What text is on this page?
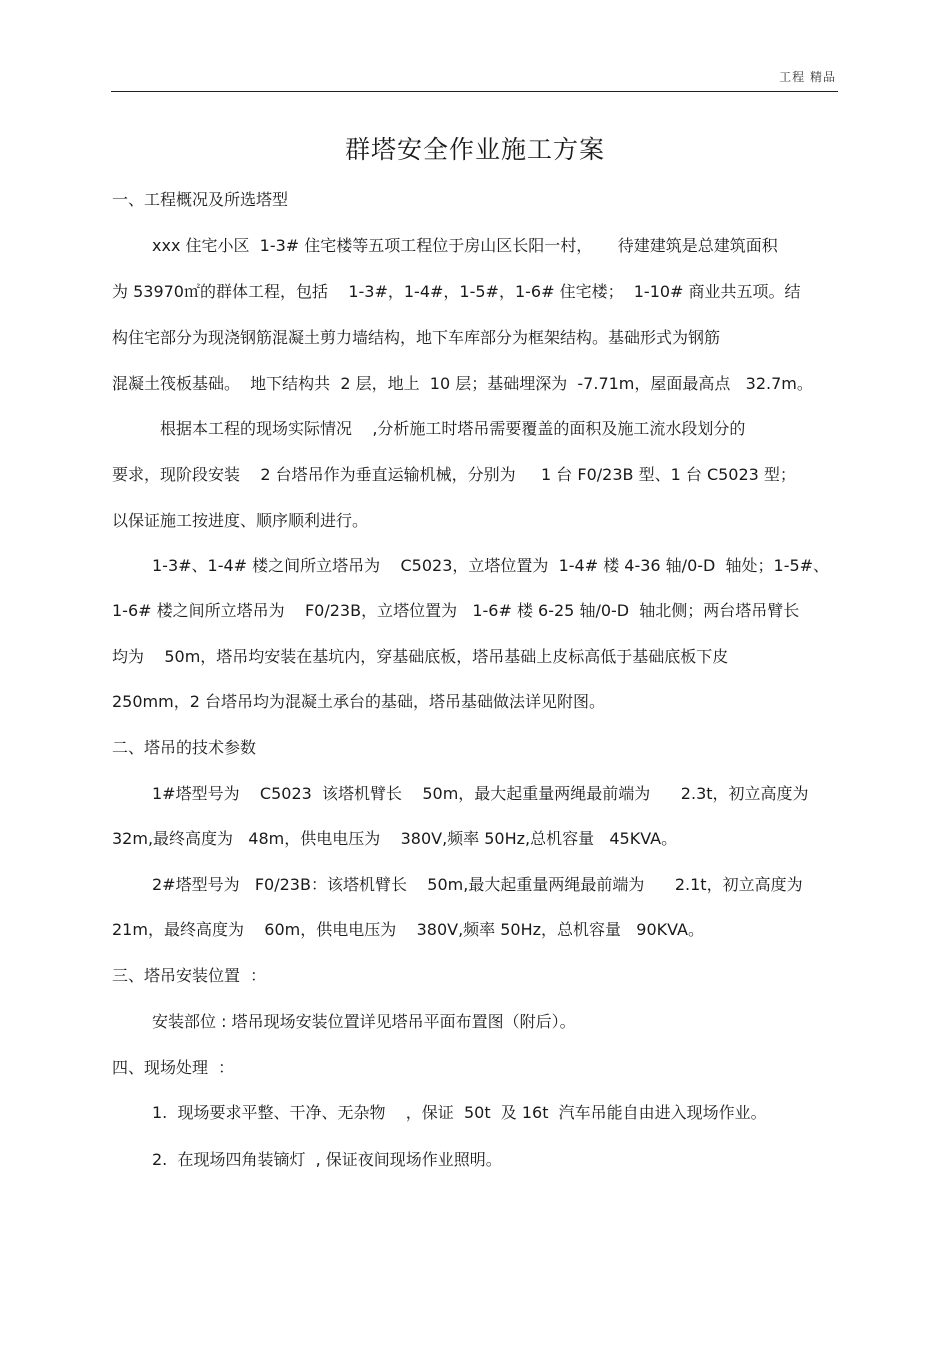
工程 精品
群塔安全作业施工方案
一、工程概况及所选塔型
xxx 住宅小区  1-3# 住宅楼等五项工程位于房山区长阳一村，     待建建筑是总建筑面积
为 53970㎡的群体工程，包括    1-3#，1-4#，1-5#，1-6# 住宅楼；  1-10# 商业共五项。结
构住宅部分为现浇钢筋混凝土剪力墙结构，地下车库部分为框架结构。基础形式为钢筋
混凝土筏板基础。  地下结构共  2 层，地上  10 层；基础埋深为  -7.71m，屋面最高点   32.7m。
根据本工程的现场实际情况    ,分析施工时塔吊需要覆盖的面积及施工流水段划分的
要求，现阶段安装    2 台塔吊作为垂直运输机械，分别为     1 台 F0/23B 型、1 台 C5023 型；
以保证施工按进度、顺序顺利进行。
1-3#、1-4# 楼之间所立塔吊为    C5023，立塔位置为  1-4# 楼 4-36 轴/0-D  轴处；1-5#、
1-6# 楼之间所立塔吊为    F0/23B，立塔位置为   1-6# 楼 6-25 轴/0-D  轴北侧；两台塔吊臂长
均为    50m，塔吊均安装在基坑内，穿基础底板，塔吊基础上皮标高低于基础底板下皮
250mm，2 台塔吊均为混凝土承台的基础，塔吊基础做法详见附图。
二、塔吊的技术参数
1#塔型号为    C5023  该塔机臂长    50m，最大起重量两绳最前端为      2.3t，初立高度为
32m,最终高度为   48m，供电电压为    380V,频率 50Hz,总机容量   45KVA。
2#塔型号为   F0/23B：该塔机臂长    50m,最大起重量两绳最前端为      2.1t，初立高度为
21m，最终高度为    60m，供电电压为    380V,频率 50Hz，总机容量   90KVA。
三、塔吊安装位置  ：
安装部位 : 塔吊现场安装位置详见塔吊平面布置图（附后）。
四、现场处理  ：
1.  现场要求平整、干净、无杂物    ，保证  50t  及 16t  汽车吊能自由进入现场作业。
2.  在现场四角装镝灯  , 保证夜间现场作业照明。
